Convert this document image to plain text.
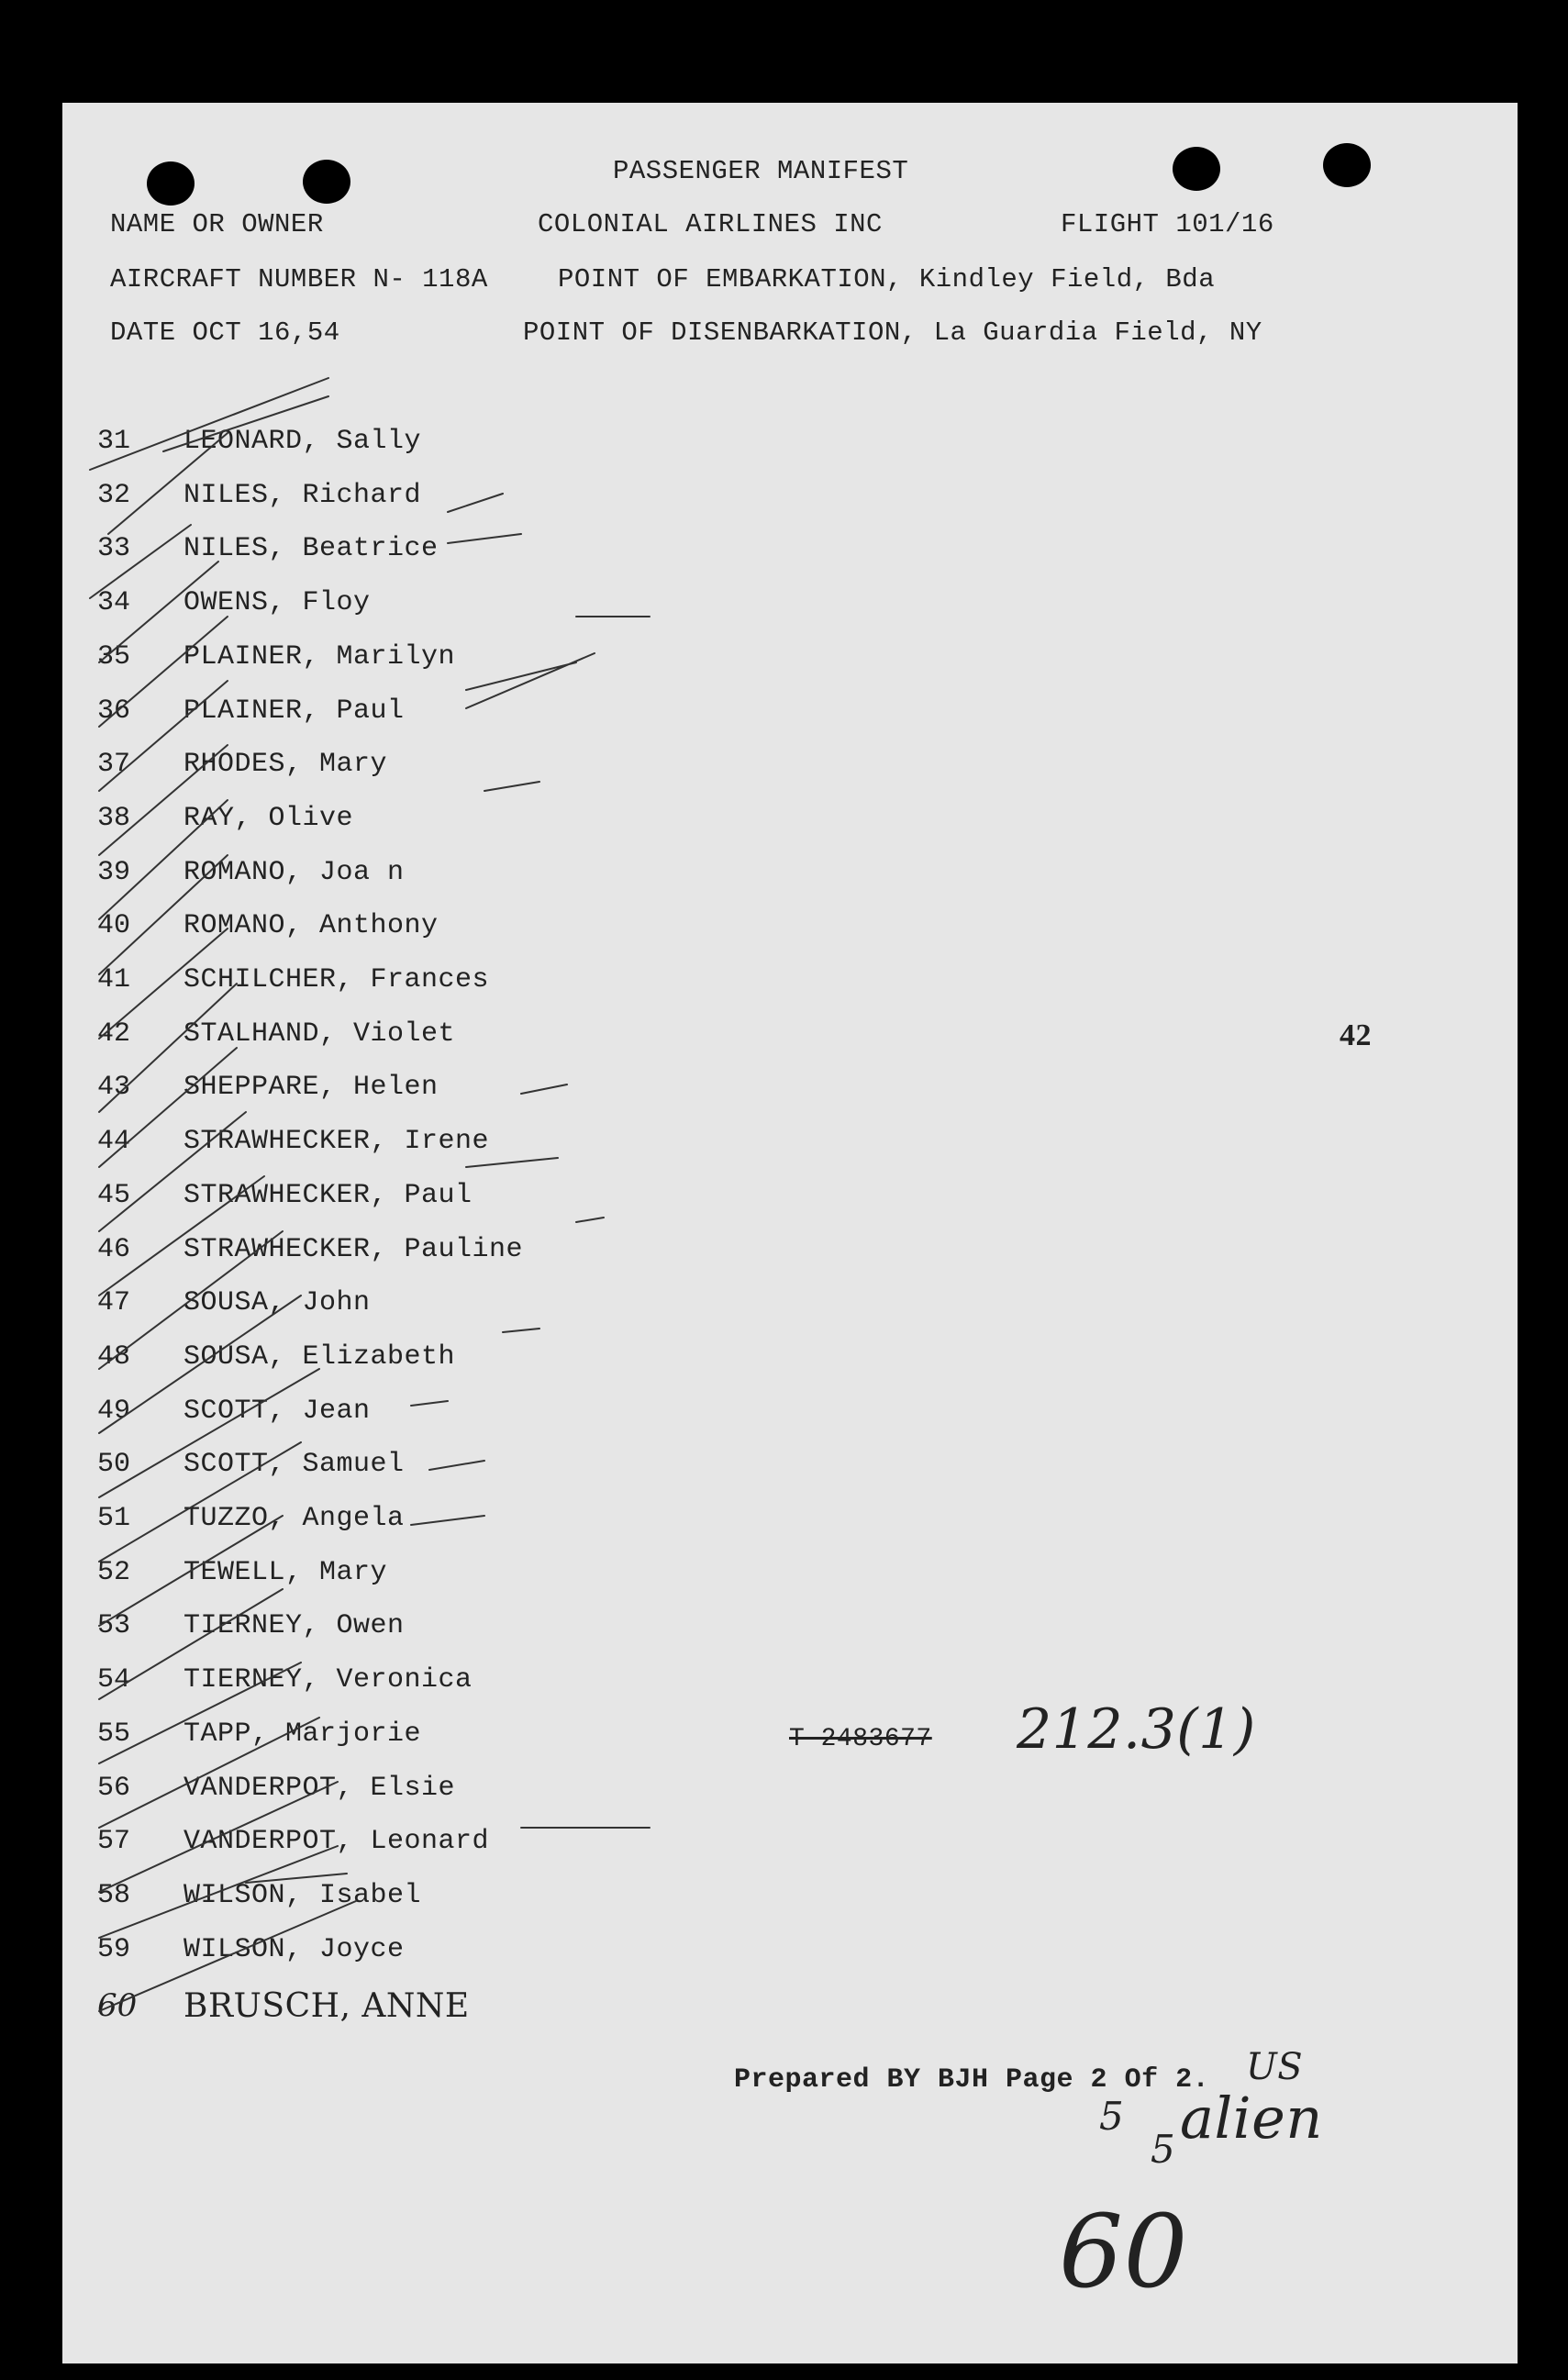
PASSENGER MANIFEST
NAME OR OWNER	COLONIAL AIRLINES INC	FLIGHT 101/16
AIRCRAFT NUMBER N- 118A	POINT OF EMBARKATION, Kindley Field, Bda
DATE OCT 16,54	POINT OF DISENBARKATION, La Guardia Field, NY
31 LEONARD, Sally
32 NILES, Richard
33 NILES, Beatrice
34 OWENS, Floy
35 PLAINER, Marilyn
36 PLAINER, Paul
37 RHODES, Mary
38 RAY, Olive
39 ROMANO, Joa n
40 ROMANO, Anthony
41 SCHILCHER, Frances
42 STALHAND, Violet
43 SHEPPARE, Helen
44 STRAWHECKER, Irene
45 STRAWHECKER, Paul
46 STRAWHECKER, Pauline
47 SOUSA, John
48 SOUSA, Elizabeth
49 SCOTT, Jean
50 SCOTT, Samuel
51 TUZZO, Angela
52 TEWELL, Mary
53 TIERNEY, Owen
54 TIERNEY, Veronica
55 TAPP, Marjorie
56 VANDERPOT, Elsie
57 VANDERPOT, Leonard
58 WILSON, Isabel
59 WILSON, Joyce
60 BRUSCH, ANNE
42
T-2483677 212.3(1)
Prepared BY BJH Page 2 Of 2. US
5
5 alien
60
